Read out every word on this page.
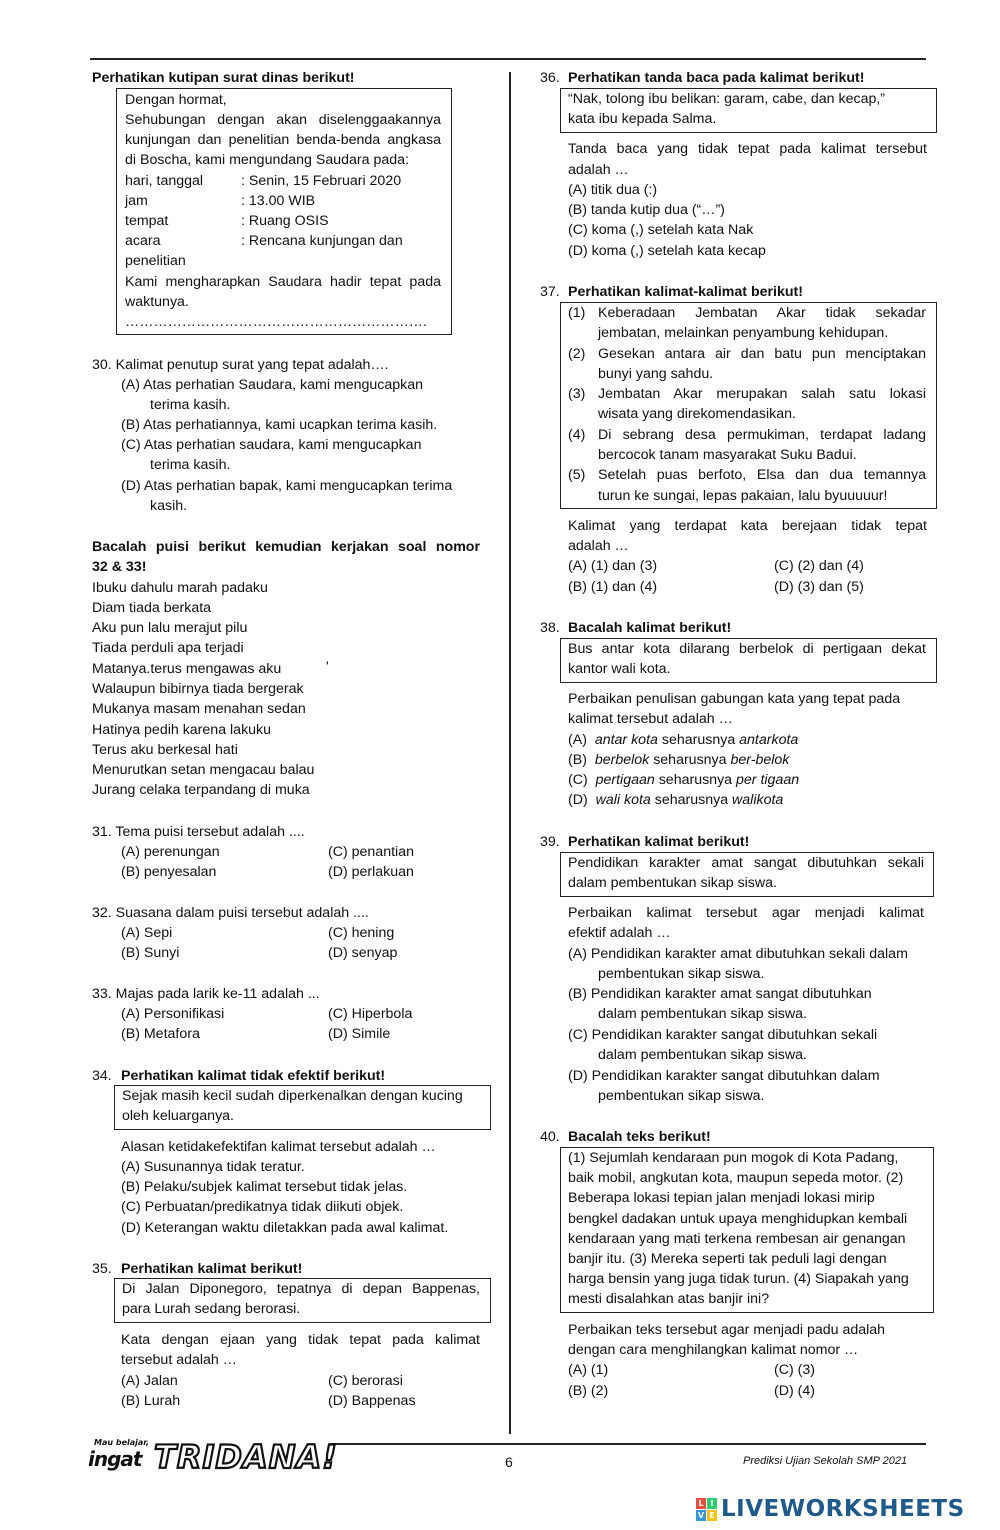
Perhatikan kutipan surat dinas berikut!
Dengan hormat,
Sehubungan dengan akan diselenggaakannya
kunjungan dan penelitian benda-benda angkasa
di Boscha, kami mengundang Saudara pada:
hari, tanggal	: Senin, 15 Februari 2020
jam	: 13.00 WIB
tempat	: Ruang OSIS
acara	: Rencana kunjungan dan
penelitian
Kami mengharapkan Saudara hadir tepat pada
waktunya.
……………………………………………………….
30. Kalimat penutup surat yang tepat adalah….
(A) Atas perhatian Saudara, kami mengucapkan
terima kasih.
(B) Atas perhatiannya, kami ucapkan terima kasih.
(C) Atas perhatian saudara, kami mengucapkan
terima kasih.
(D) Atas perhatian bapak, kami mengucapkan terima
kasih.
Bacalah puisi berikut kemudian kerjakan soal nomor
32 & 33!
Ibuku dahulu marah padaku
Diam tiada berkata
Aku pun lalu merajut pilu
Tiada perduli apa terjadi
Matanya.terus mengawas aku	'
Walaupun bibirnya tiada bergerak
Mukanya masam menahan sedan
Hatinya pedih karena lakuku
Terus aku berkesal hati
Menurutkan setan mengacau balau
Jurang celaka terpandang di muka
31. Tema puisi tersebut adalah ....
(A) perenungan	(C) penantian
(B) penyesalan	(D) perlakuan
32. Suasana dalam puisi tersebut adalah ....
(A) Sepi	(C) hening
(B) Sunyi	(D) senyap
33. Majas pada larik ke-11 adalah ...
(A) Personifikasi	(C) Hiperbola
(B) Metafora	(D) Simile
34. Perhatikan kalimat tidak efektif berikut!
Sejak masih kecil sudah diperkenalkan dengan kucing
oleh keluarganya.
Alasan ketidakefektifan kalimat tersebut adalah …
(A) Susunannya tidak teratur.
(B) Pelaku/subjek kalimat tersebut tidak jelas.
(C) Perbuatan/predikatnya tidak diikuti objek.
(D) Keterangan waktu diletakkan pada awal kalimat.
35. Perhatikan kalimat berikut!
Di Jalan Diponegoro, tepatnya di depan Bappenas,
para Lurah sedang berorasi.
Kata dengan ejaan yang tidak tepat pada kalimat
tersebut adalah …
(A) Jalan	(C) berorasi
(B) Lurah	(D) Bappenas
36. Perhatikan tanda baca pada kalimat berikut!
“Nak, tolong ibu belikan: garam, cabe, dan kecap,”
kata ibu kepada Salma.
Tanda baca yang tidak tepat pada kalimat tersebut
adalah …
(A) titik dua (:)
(B) tanda kutip dua (“…”)
(C) koma (,) setelah kata Nak
(D) koma (,) setelah kata kecap
37. Perhatikan kalimat-kalimat berikut!
(1) Keberadaan Jembatan Akar tidak sekadar
jembatan, melainkan penyambung kehidupan.
(2) Gesekan antara air dan batu pun menciptakan
bunyi yang sahdu.
(3) Jembatan Akar merupakan salah satu lokasi
wisata yang direkomendasikan.
(4) Di sebrang desa permukiman, terdapat ladang
bercocok tanam masyarakat Suku Badui.
(5) Setelah puas berfoto, Elsa dan dua temannya
turun ke sungai, lepas pakaian, lalu byuuuuur!
Kalimat yang terdapat kata berejaan tidak tepat
adalah …
(A) (1) dan (3)	(C) (2) dan (4)
(B) (1) dan (4)	(D) (3) dan (5)
38. Bacalah kalimat berikut!
Bus antar kota dilarang berbelok di pertigaan dekat
kantor wali kota.
Perbaikan penulisan gabungan kata yang tepat pada
kalimat tersebut adalah …
(A) antar kota seharusnya antarkota
(B) berbelok seharusnya ber-belok
(C) pertigaan seharusnya per tigaan
(D) wali kota seharusnya walikota
39. Perhatikan kalimat berikut!
Pendidikan karakter amat sangat dibutuhkan sekali
dalam pembentukan sikap siswa.
Perbaikan kalimat tersebut agar menjadi kalimat
efektif adalah …
(A) Pendidikan karakter amat dibutuhkan sekali dalam
pembentukan sikap siswa.
(B) Pendidikan karakter amat sangat dibutuhkan
dalam pembentukan sikap siswa.
(C) Pendidikan karakter sangat dibutuhkan sekali
dalam pembentukan sikap siswa.
(D) Pendidikan karakter sangat dibutuhkan dalam
pembentukan sikap siswa.
40. Bacalah teks berikut!
(1) Sejumlah kendaraan pun mogok di Kota Padang,
baik mobil, angkutan kota, maupun sepeda motor. (2)
Beberapa lokasi tepian jalan menjadi lokasi mirip
bengkel dadakan untuk upaya menghidupkan kembali
kendaraan yang mati terkena rembesan air genangan
banjir itu. (3) Mereka seperti tak peduli lagi dengan
harga bensin yang juga tidak turun. (4) Siapakah yang
mesti disalahkan atas banjir ini?
Perbaikan teks tersebut agar menjadi padu adalah
dengan cara menghilangkan kalimat nomor …
(A) (1)	(C) (3)
(B) (2)	(D) (4)
Mau belajar,
ingat TRIDANA!	6	Prediksi Ujian Sekolah SMP 2021
L I
V E LIVEWORKSHEETS
